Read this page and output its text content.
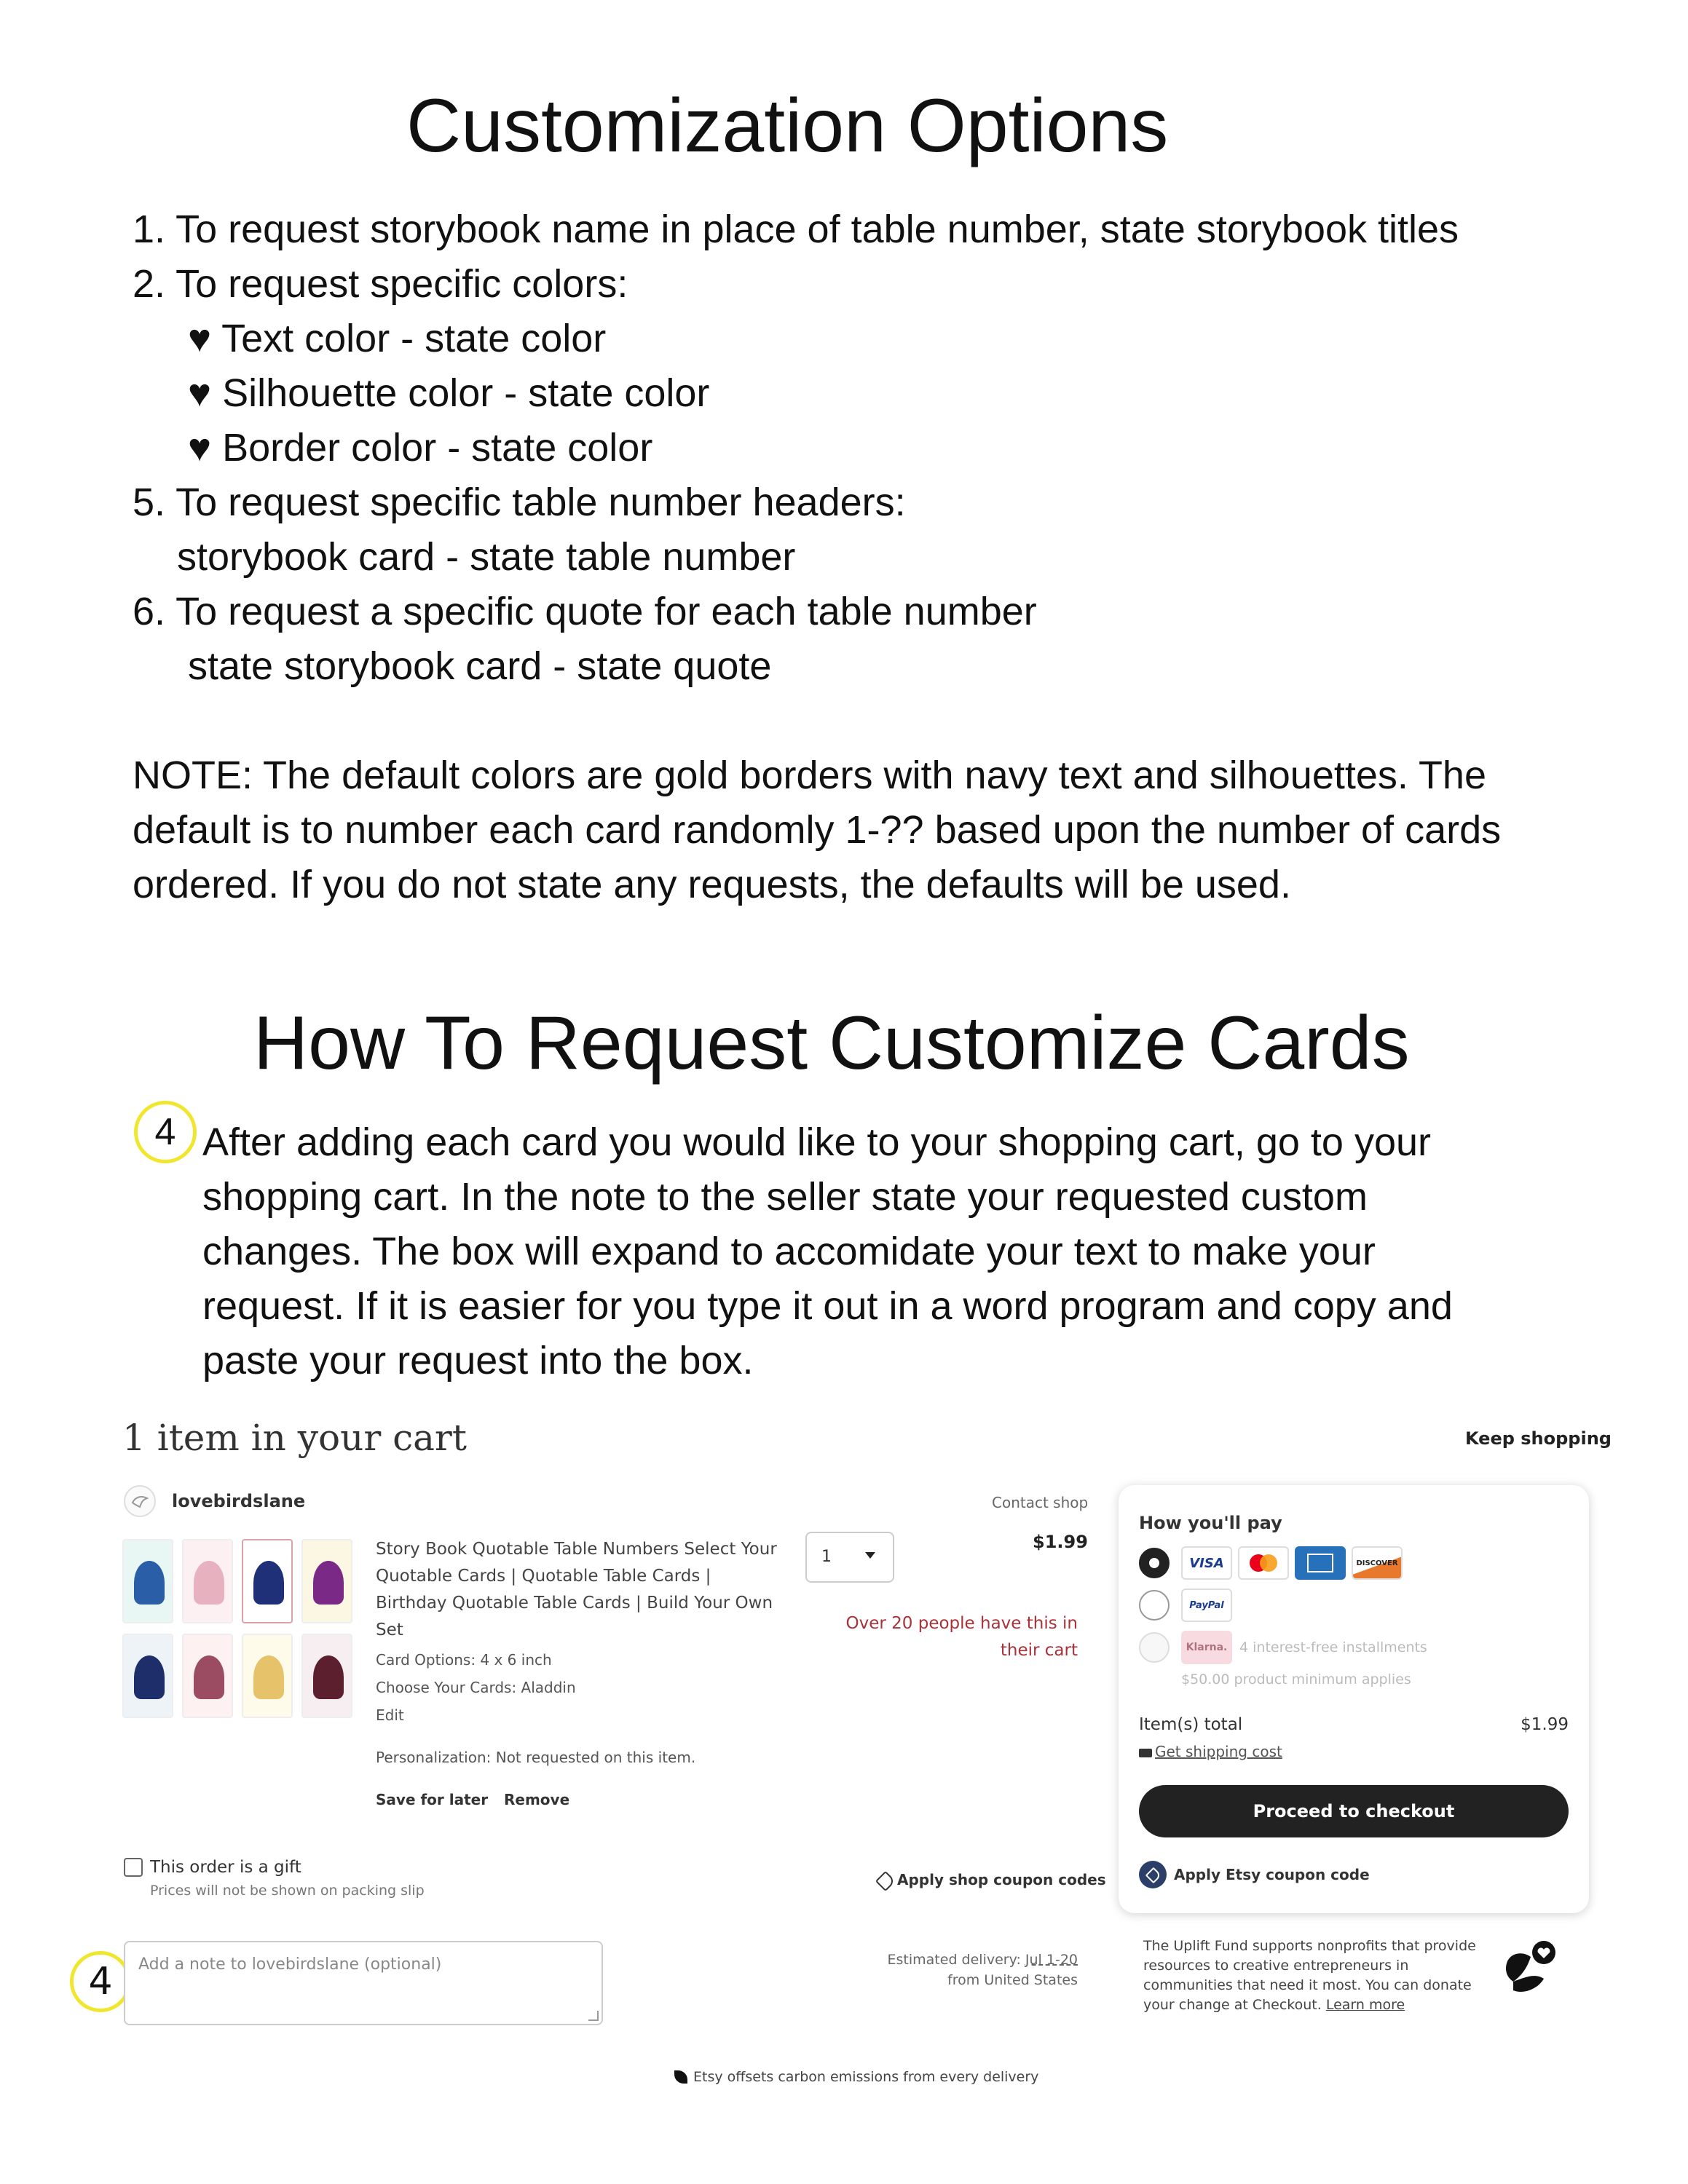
Customization Options
1. To request storybook name in place of table number, state storybook titles
2. To request specific colors:
♥ Text color - state color
♥ Silhouette color - state color
♥ Border color - state color
5. To request specific table number headers:
storybook card - state table number
6. To request a specific quote for each table number
state storybook card - state quote
NOTE: The default colors are gold borders with navy text and silhouettes. The
default is to number each card randomly 1-?? based upon the number of cards
ordered. If you do not state any requests, the defaults will be used.
How To Request Customize Cards
4 After adding each card you would like to your shopping cart, go to your
shopping cart. In the note to the seller state your requested custom
changes. The box will expand to accomidate your text to make your
request. If it is easier for you type it out in a word program and copy and
paste your request into the box.
1 item in your cart	Keep shopping
lovebirdslane	Contact shop
Story Book Quotable Table Numbers Select Your
Quotable Cards | Quotable Table Cards |
Birthday Quotable Table Cards | Build Your Own
Set
Card Options: 4 x 6 inch
Choose Your Cards: Aladdin
Edit
Personalization: Not requested on this item.
Save for later Remove
1
$1.99
Over 20 people have this in
their cart
This order is a gift
Prices will not be shown on packing slip
Apply shop coupon codes
4	Add a note to lovebirdslane (optional)	Estimated delivery: Jul 1-20
from United States
How you'll pay
VISA	DISCOVER
PayPal
Klarna. 4 interest-free installments
$50.00 product minimum applies
Item(s) total	$1.99
Get shipping cost
Proceed to checkout
Apply Etsy coupon code
The Uplift Fund supports nonprofits that provide
resources to creative entrepreneurs in
communities that need it most. You can donate
your change at Checkout. Learn more
Etsy offsets carbon emissions from every delivery
